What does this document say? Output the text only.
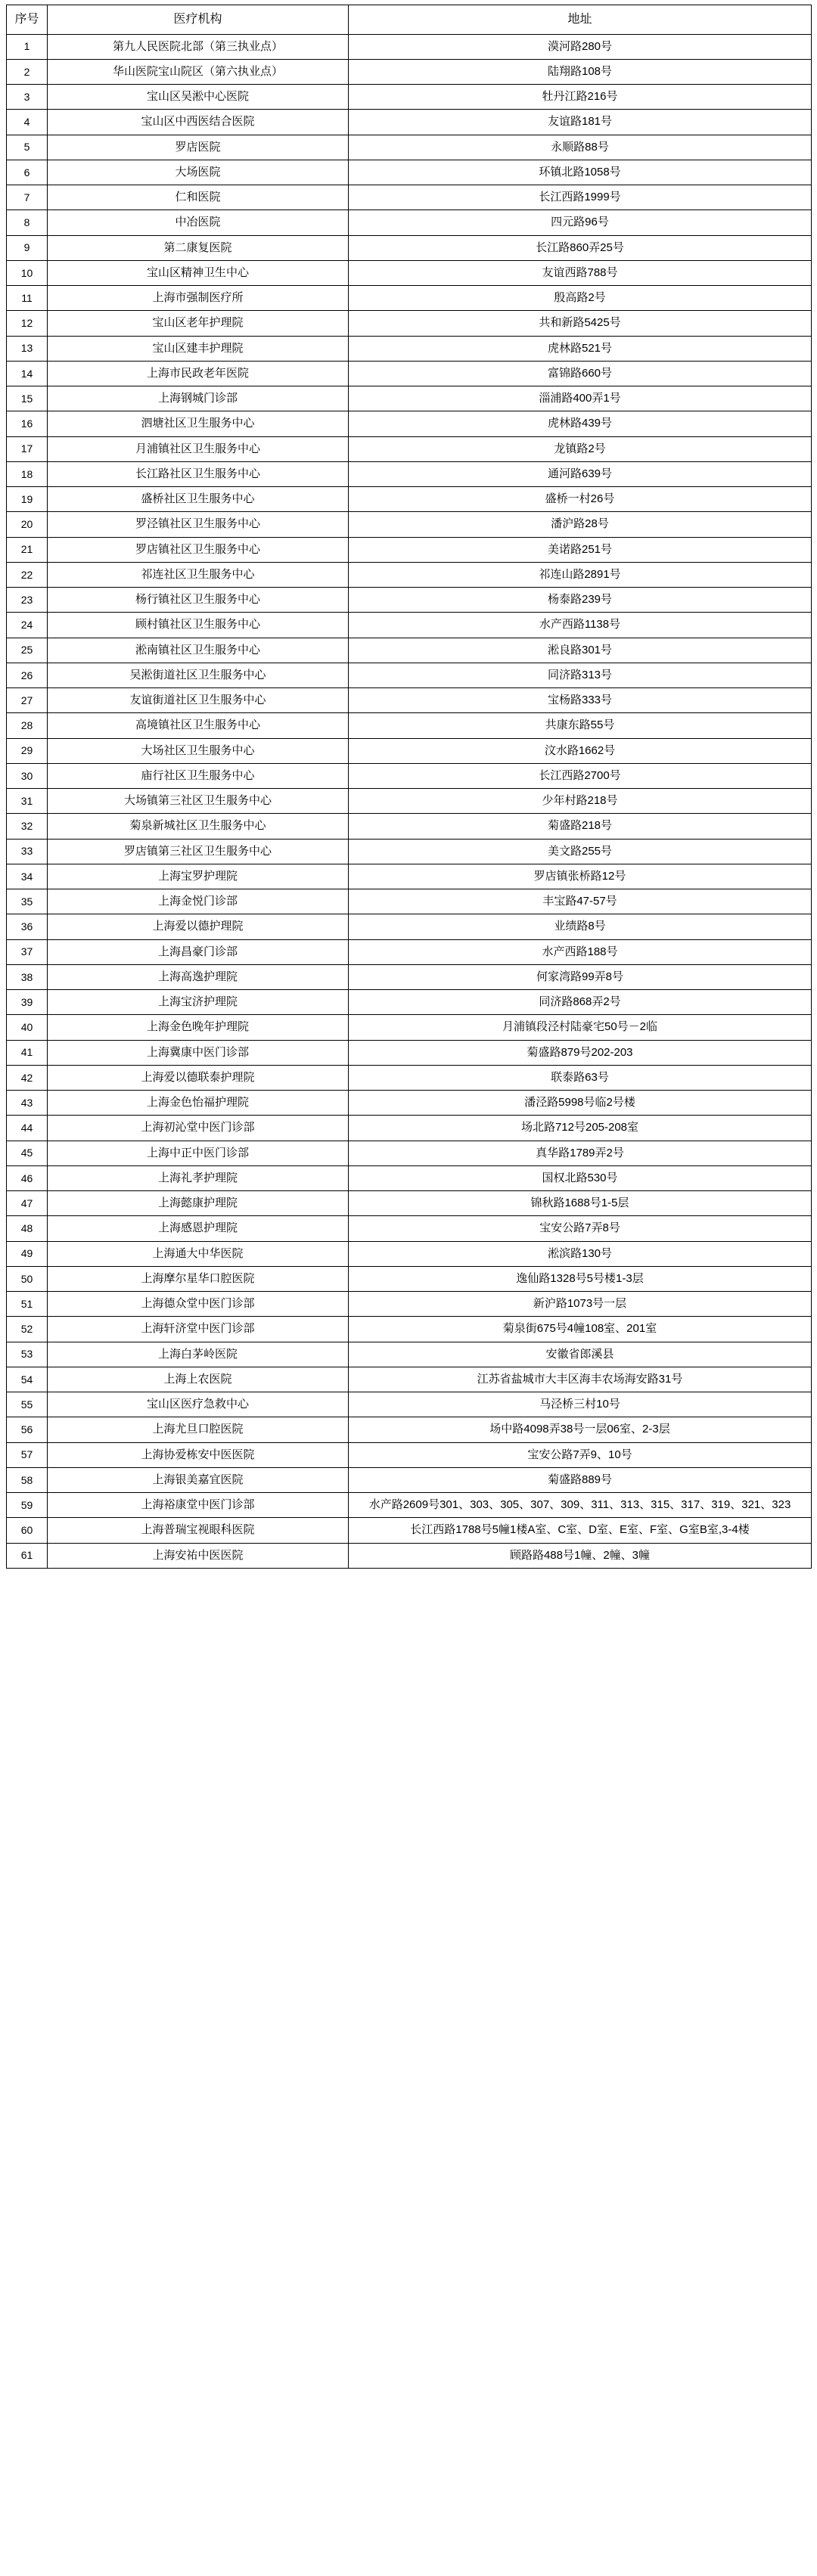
序号	医疗机构	地址
1	第九人民医院北部（第三执业点）	漠河路280号
2	华山医院宝山院区（第六执业点）	陆翔路108号
3	宝山区吴淞中心医院	牡丹江路216号
4	宝山区中西医结合医院	友谊路181号
5	罗店医院	永顺路88号
6	大场医院	环镇北路1058号
7	仁和医院	长江西路1999号
8	中冶医院	四元路96号
9	第二康复医院	长江路860弄25号
10	宝山区精神卫生中心	友谊西路788号
11	上海市强制医疗所	殷高路2号
12	宝山区老年护理院	共和新路5425号
13	宝山区建丰护理院	虎林路521号
14	上海市民政老年医院	富锦路660号
15	上海钢城门诊部	淄浦路400弄1号
16	泗塘社区卫生服务中心	虎林路439号
17	月浦镇社区卫生服务中心	龙镇路2号
18	长江路社区卫生服务中心	通河路639号
19	盛桥社区卫生服务中心	盛桥一村26号
20	罗泾镇社区卫生服务中心	潘沪路28号
21	罗店镇社区卫生服务中心	美诺路251号
22	祁连社区卫生服务中心	祁连山路2891号
23	杨行镇社区卫生服务中心	杨泰路239号
24	顾村镇社区卫生服务中心	水产西路1138号
25	淞南镇社区卫生服务中心	淞良路301号
26	吴淞街道社区卫生服务中心	同济路313号
27	友谊街道社区卫生服务中心	宝杨路333号
28	高境镇社区卫生服务中心	共康东路55号
29	大场社区卫生服务中心	汶水路1662号
30	庙行社区卫生服务中心	长江西路2700号
31	大场镇第三社区卫生服务中心	少年村路218号
32	菊泉新城社区卫生服务中心	菊盛路218号
33	罗店镇第三社区卫生服务中心	美文路255号
34	上海宝罗护理院	罗店镇张桥路12号
35	上海金悦门诊部	丰宝路47-57号
36	上海爱以德护理院	业绩路8号
37	上海昌豪门诊部	水产西路188号
38	上海高逸护理院	何家湾路99弄8号
39	上海宝济护理院	同济路868弄2号
40	上海金色晚年护理院	月浦镇段泾村陆豪宅50号－2临
41	上海冀康中医门诊部	菊盛路879号202-203
42	上海爱以德联泰护理院	联泰路63号
43	上海金色怡福护理院	潘泾路5998号临2号楼
44	上海初沁堂中医门诊部	场北路712号205-208室
45	上海中正中医门诊部	真华路1789弄2号
46	上海礼孝护理院	国权北路530号
47	上海懿康护理院	锦秋路1688号1-5层
48	上海感恩护理院	宝安公路7弄8号
49	上海通大中华医院	淞滨路130号
50	上海摩尔星华口腔医院	逸仙路1328号5号楼1-3层
51	上海德众堂中医门诊部	新沪路1073号一层
52	上海轩济堂中医门诊部	菊泉街675号4幢108室、201室
53	上海白茅岭医院	安徽省郎溪县
54	上海上农医院	江苏省盐城市大丰区海丰农场海安路31号
55	宝山区医疗急救中心	马泾桥三村10号
56	上海尤旦口腔医院	场中路4098弄38号一层06室、2-3层
57	上海协爱栋安中医医院	宝安公路7弄9、10号
58	上海银美嘉宜医院	菊盛路889号
59	上海裕康堂中医门诊部	水产路2609号301、303、305、307、309、311、313、315、317、319、321、323
60	上海普瑞宝视眼科医院	长江西路1788号5幢1楼A室、C室、D室、E室、F室、G室B室,3-4楼
61	上海安祐中医医院	顾路路488号1幢、2幢、3幢
